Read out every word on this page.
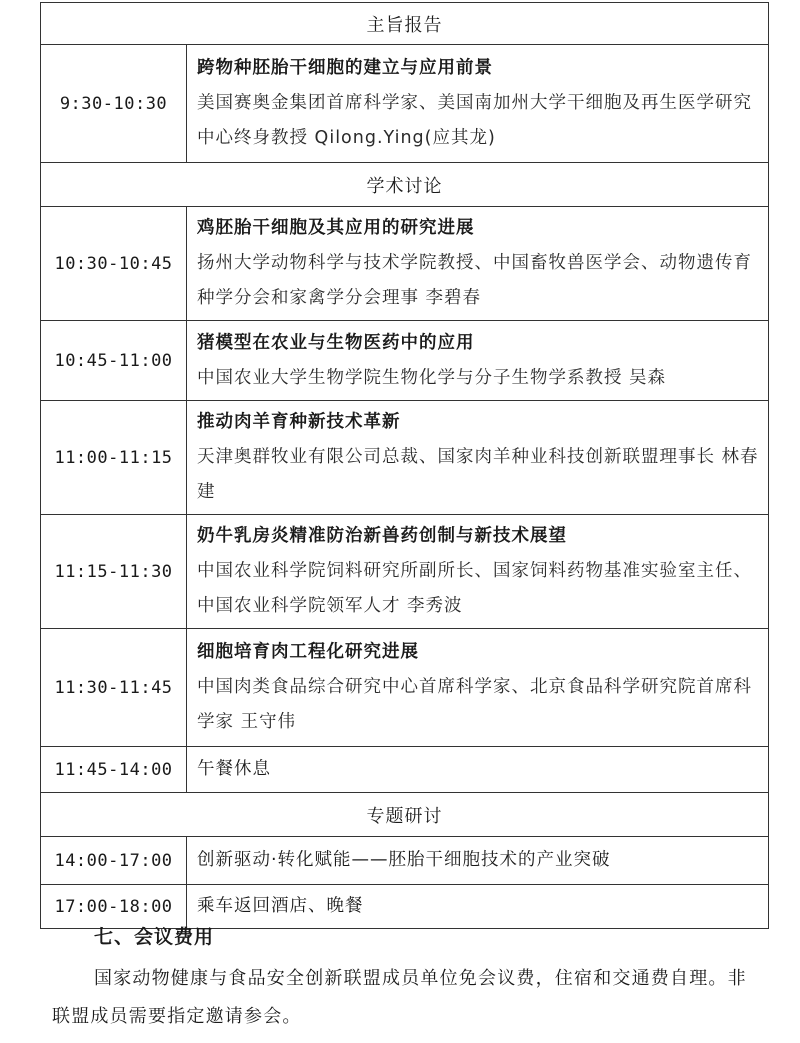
主旨报告	
9:30-10:30	跨物种胚胎干细胞的建立与应用前景
美国赛奥金集团首席科学家、美国南加州大学干细胞及再生医学研究中心终身教授 Qilong.Ying(应其龙)

学术讨论	
10:30-10:45	鸡胚胎干细胞及其应用的研究进展
扬州大学动物科学与技术学院教授、中国畜牧兽医学会、动物遗传育种学分会和家禽学分会理事 李碧春

10:45-11:00	猪模型在农业与生物医药中的应用
中国农业大学生物学院生物化学与分子生物学系教授 吴森

11:00-11:15	推动肉羊育种新技术革新
天津奥群牧业有限公司总裁、国家肉羊种业科技创新联盟理事长 林春建

11:15-11:30	奶牛乳房炎精准防治新兽药创制与新技术展望
中国农业科学院饲料研究所副所长、国家饲料药物基准实验室主任、中国农业科学院领军人才 李秀波

11:30-11:45	细胞培育肉工程化研究进展
中国肉类食品综合研究中心首席科学家、北京食品科学研究院首席科学家 王守伟

11:45-14:00	午餐休息

专题研讨	
14:00-17:00	创新驱动·转化赋能——胚胎干细胞技术的产业突破

17:00-18:00	乘车返回酒店、晚餐
七、会议费用
国家动物健康与食品安全创新联盟成员单位免会议费，住宿和交通费自理。非联盟成员需要指定邀请参会。
